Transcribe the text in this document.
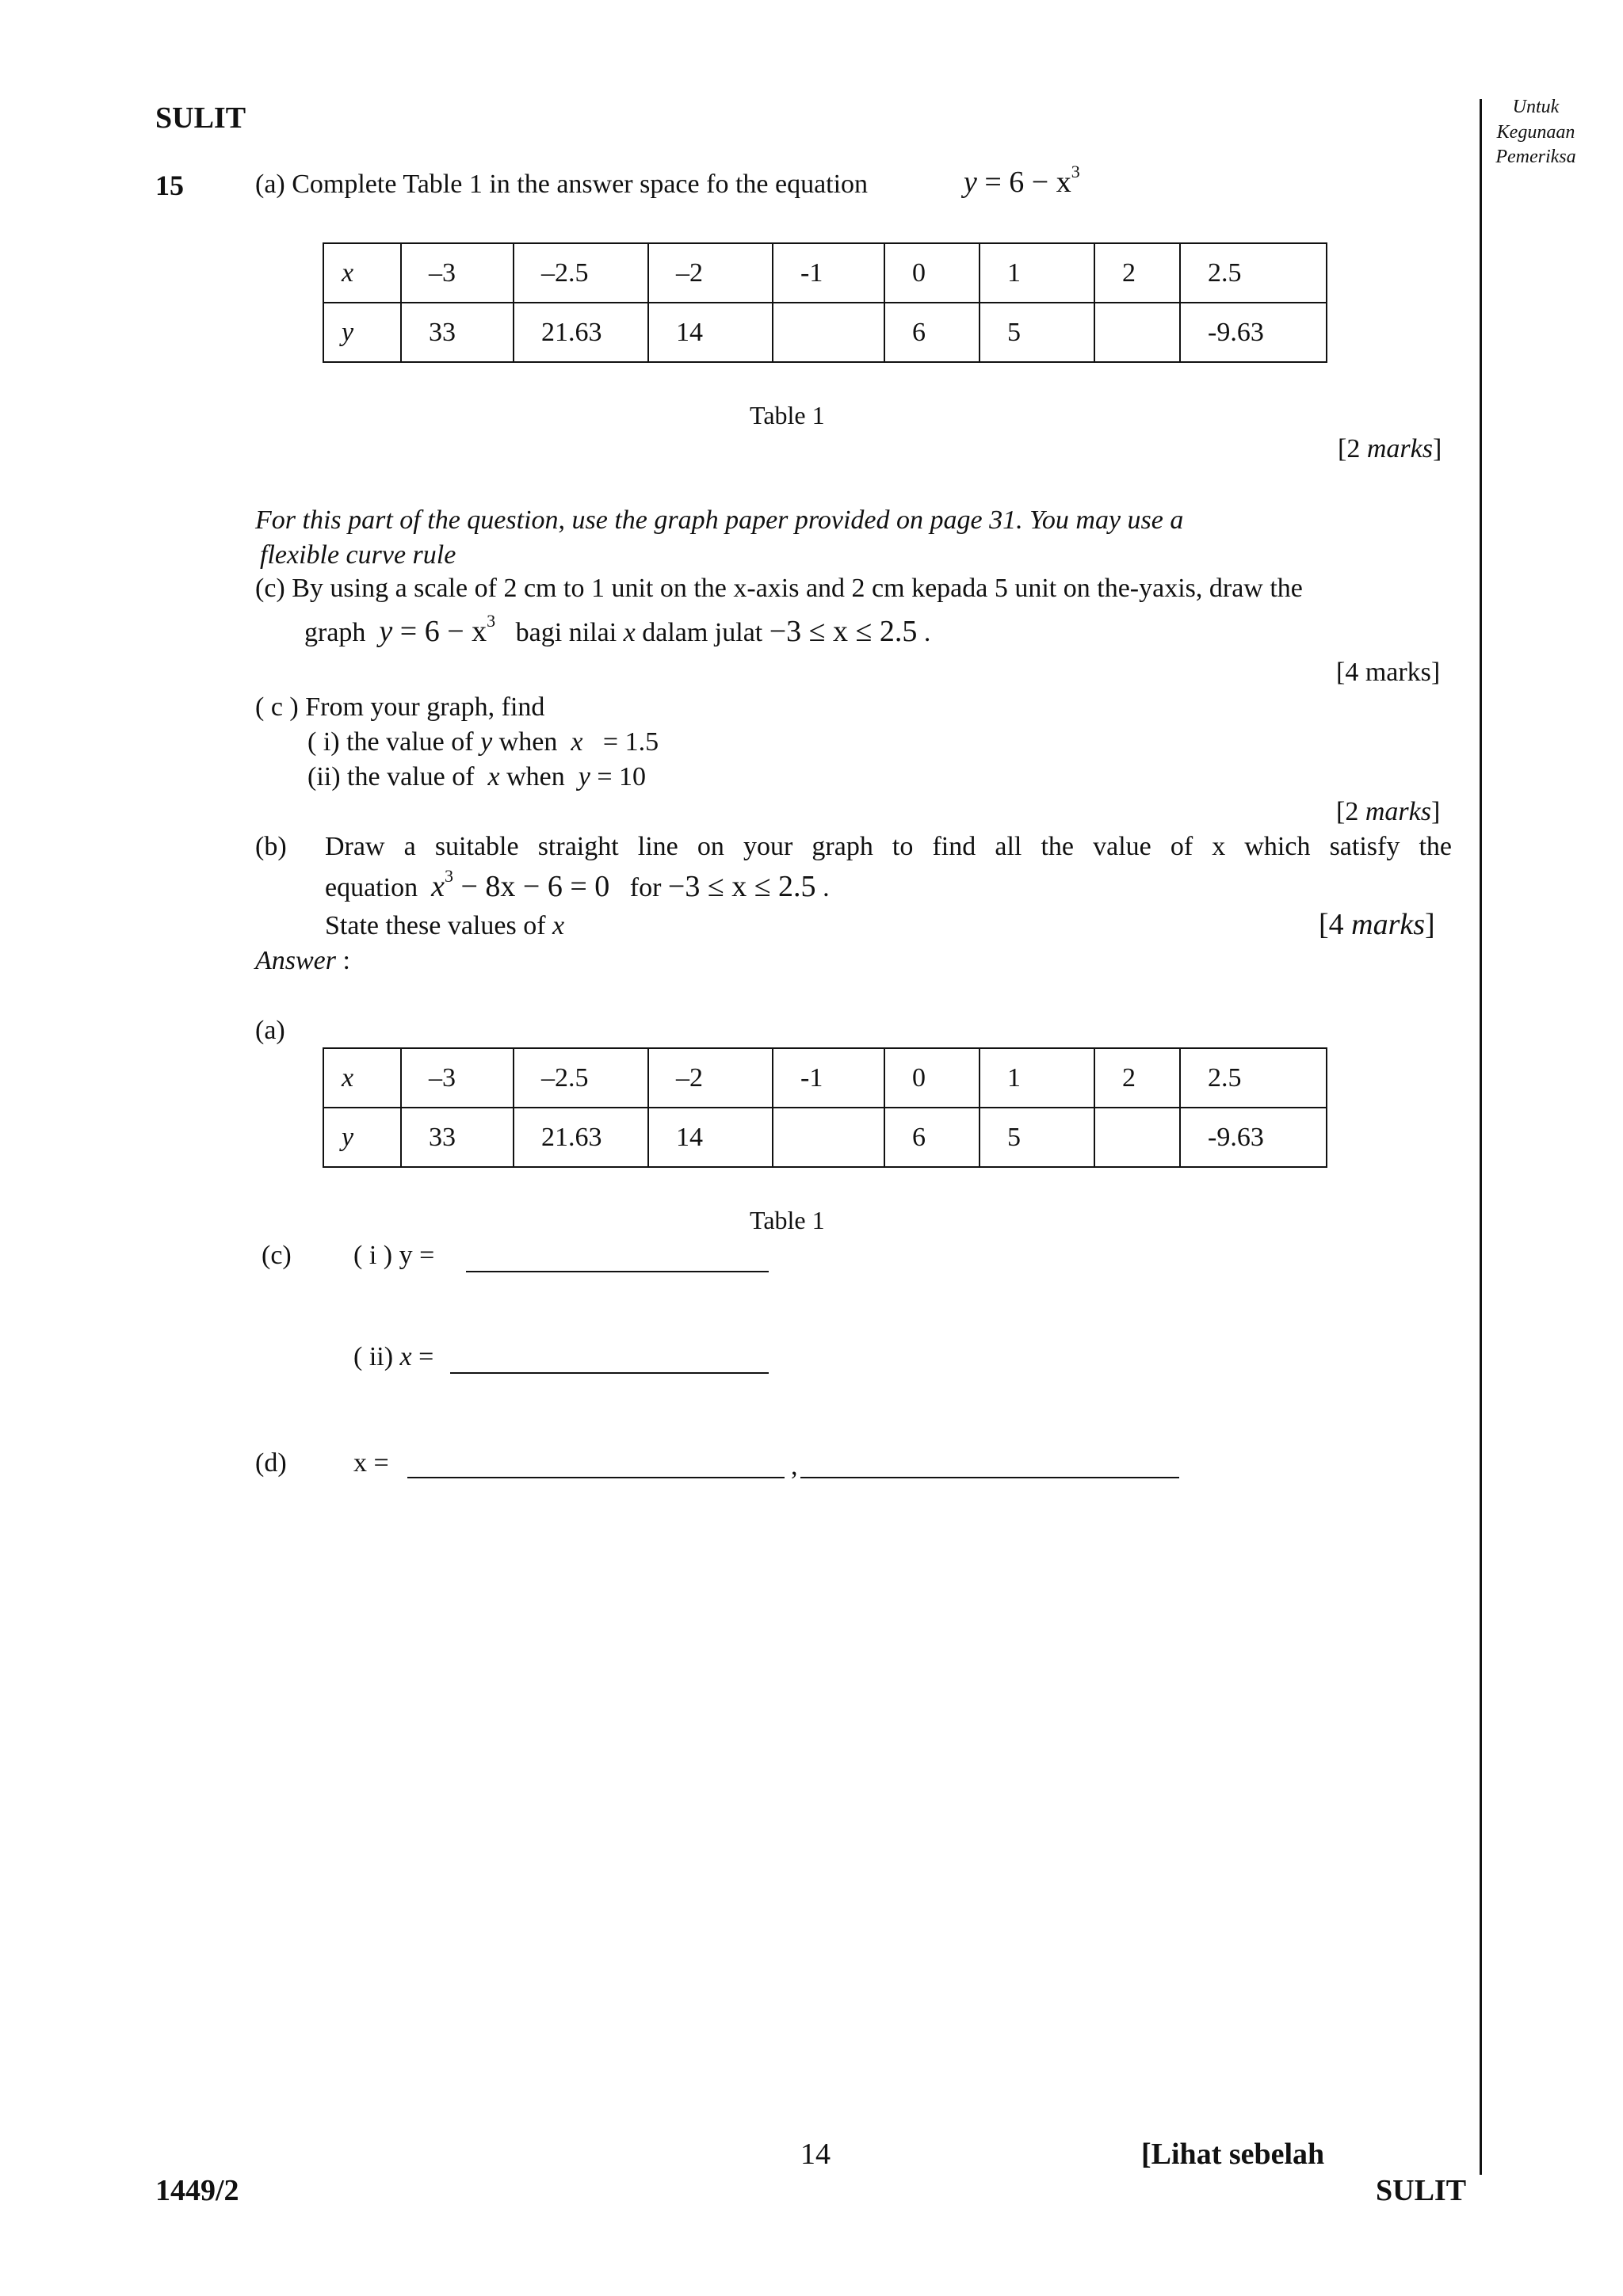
SULIT	Untuk
Kegunaan
Pemeriksa
15	(a) Complete Table 1 in the answer space fo the equation	$y = 6 - x^3$
x	–3	–2.5	–2	-1	0	1	2	2.5
y	33	21.63	14		6	5		-9.63
Table 1
[2 marks]
For this part of the question, use the graph paper provided on page 31. You may use a
flexible curve rule
(c) By using a scale of 2 cm to 1 unit on the x-axis and 2 cm kepada 5 unit on the-yaxis, draw the
graph $y = 6 - x^3$ bagi nilai x dalam julat −3 ≤ x ≤ 2.5 .
[4 marks]
( c ) From your graph, find
( i) the value of y when x = 1.5
(ii) the value of x when y = 10
[2 marks]
(b) Draw a suitable straight line on your graph to find all the value of x which satisfy the
equation $x^3 - 8x - 6 = 0$ for −3 ≤ x ≤ 2.5 .
State these values of x	[4 marks]
Answer :
(a)
x	–3	–2.5	–2	-1	0	1	2	2.5
y	33	21.63	14		6	5		-9.63
Table 1
(c) ( i ) y =
( ii) x =
(d) x =	,
14	[Lihat sebelah
1449/2	SULIT
